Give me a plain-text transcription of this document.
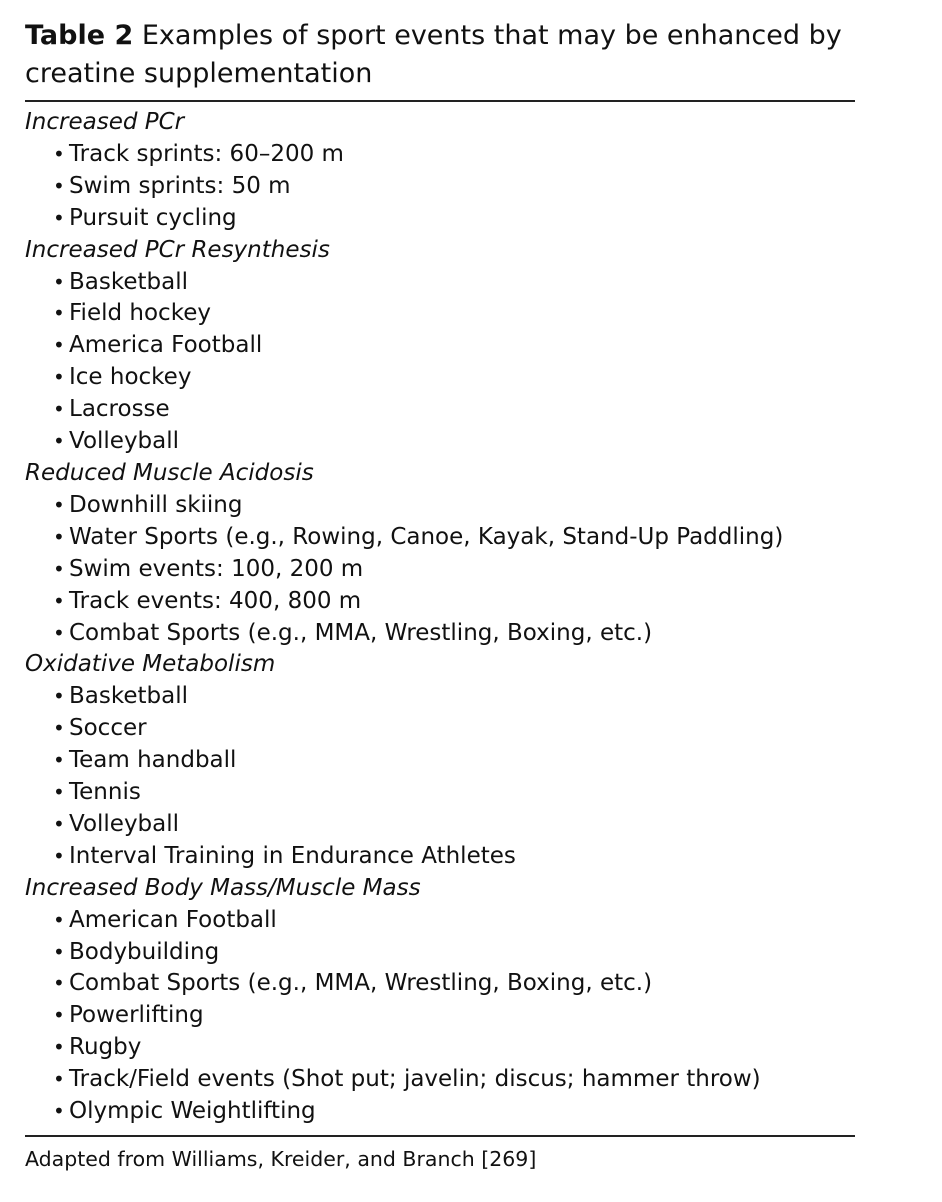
Table 2 Examples of sport events that may be enhanced by creatine supplementation
Increased PCr
• Track sprints: 60–200 m
• Swim sprints: 50 m
• Pursuit cycling
Increased PCr Resynthesis
• Basketball
• Field hockey
• America Football
• Ice hockey
• Lacrosse
• Volleyball
Reduced Muscle Acidosis
• Downhill skiing
• Water Sports (e.g., Rowing, Canoe, Kayak, Stand-Up Paddling)
• Swim events: 100, 200 m
• Track events: 400, 800 m
• Combat Sports (e.g., MMA, Wrestling, Boxing, etc.)
Oxidative Metabolism
• Basketball
• Soccer
• Team handball
• Tennis
• Volleyball
• Interval Training in Endurance Athletes
Increased Body Mass/Muscle Mass
• American Football
• Bodybuilding
• Combat Sports (e.g., MMA, Wrestling, Boxing, etc.)
• Powerlifting
• Rugby
• Track/Field events (Shot put; javelin; discus; hammer throw)
• Olympic Weightlifting
Adapted from Williams, Kreider, and Branch [269]
